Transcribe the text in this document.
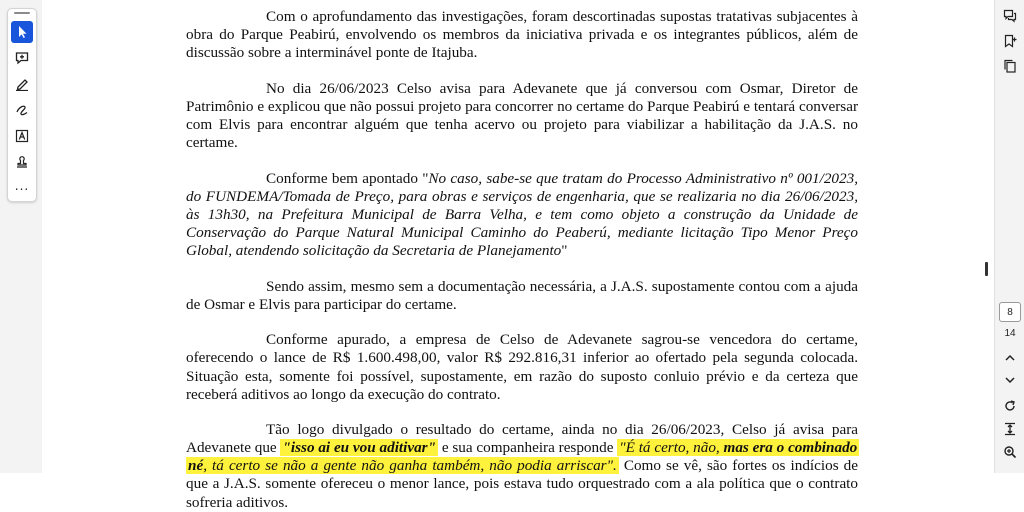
...

Com o aprofundamento das investigações, foram descortinadas supostas tratativas subjacentes à obra do Parque Peabirú, envolvendo os membros da iniciativa privada e os integrantes públicos, além de discussão sobre a interminável ponte de Itajuba.

No dia 26/06/2023 Celso avisa para Adevanete que já conversou com Osmar, Diretor de Patrimônio e explicou que não possui projeto para concorrer no certame do Parque Peabirú e tentará conversar com Elvis para encontrar alguém que tenha acervo ou projeto para viabilizar a habilitação da J.A.S. no certame.

Conforme bem apontado "No caso, sabe-se que tratam do Processo Administrativo nº 001/2023, do FUNDEMA/Tomada de Preço, para obras e serviços de engenharia, que se realizaria no dia 26/06/2023, às 13h30, na Prefeitura Municipal de Barra Velha, e tem como objeto a construção da Unidade de Conservação do Parque Natural Municipal Caminho do Peaberú, mediante licitação Tipo Menor Preço Global, atendendo solicitação da Secretaria de Planejamento"

Sendo assim, mesmo sem a documentação necessária, a J.A.S. supostamente contou com a ajuda de Osmar e Elvis para participar do certame.

Conforme apurado, a empresa de Celso de Adevanete sagrou-se vencedora do certame, oferecendo o lance de R$ 1.600.498,00, valor R$ 292.816,31 inferior ao ofertado pela segunda colocada. Situação esta, somente foi possível, supostamente, em razão do suposto conluio prévio e da certeza que receberá aditivos ao longo da execução do contrato.

Tão logo divulgado o resultado do certame, ainda no dia 26/06/2023, Celso já avisa para Adevanete que "isso ai eu vou aditivar" e sua companheira responde "É tá certo, não, mas era o combinado né, tá certo se não a gente não ganha também, não podia arriscar". Como se vê, são fortes os indícios de que a J.A.S. somente ofereceu o menor lance, pois estava tudo orquestrado com a ala política que o contrato sofreria aditivos.

8
14
